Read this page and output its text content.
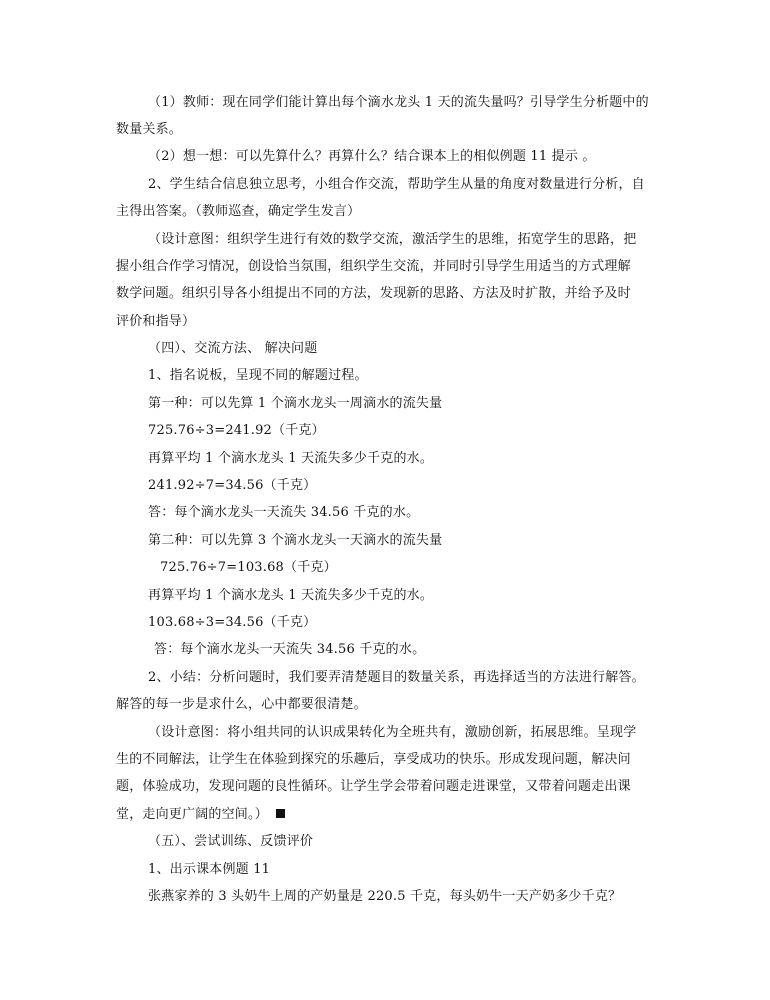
（1）教师：现在同学们能计算出每个滴水龙头 1 天的流失量吗？引导学生分析题中的
数量关系。
（2）想一想：可以先算什么？再算什么？结合课本上的相似例题 11 提示 。
2、学生结合信息独立思考，小组合作交流，帮助学生从量的角度对数量进行分析，自
主得出答案。（教师巡查，确定学生发言）
（设计意图：组织学生进行有效的数学交流，激活学生的思维，拓宽学生的思路，把
握小组合作学习情况，创设恰当氛围，组织学生交流，并同时引导学生用适当的方式理解
数学问题。组织引导各小组提出不同的方法，发现新的思路、方法及时扩散，并给予及时
评价和指导）
（四）、交流方法、 解决问题
1、指名说板，呈现不同的解题过程。
第一种：可以先算 1 个滴水龙头一周滴水的流失量
725.76÷3=241.92（千克）
再算平均 1 个滴水龙头 1 天流失多少千克的水。
241.92÷7=34.56（千克）
答：每个滴水龙头一天流失 34.56 千克的水。
第二种：可以先算 3 个滴水龙头一天滴水的流失量
725.76÷7=103.68（千克）
再算平均 1 个滴水龙头 1 天流失多少千克的水。
103.68÷3=34.56（千克）
答：每个滴水龙头一天流失 34.56 千克的水。
2、小结：分析问题时，我们要弄清楚题目的数量关系，再选择适当的方法进行解答。
解答的每一步是求什么，心中都要很清楚。
（设计意图：将小组共同的认识成果转化为全班共有，激励创新，拓展思维。呈现学
生的不同解法，让学生在体验到探究的乐趣后，享受成功的快乐。形成发现问题，解决问
题，体验成功，发现问题的良性循环。让学生学会带着问题走进课堂，又带着问题走出课
堂，走向更广阔的空间。）
（五）、尝试训练、反馈评价
1、出示课本例题 11
张燕家养的 3 头奶牛上周的产奶量是 220.5 千克，每头奶牛一天产奶多少千克？
